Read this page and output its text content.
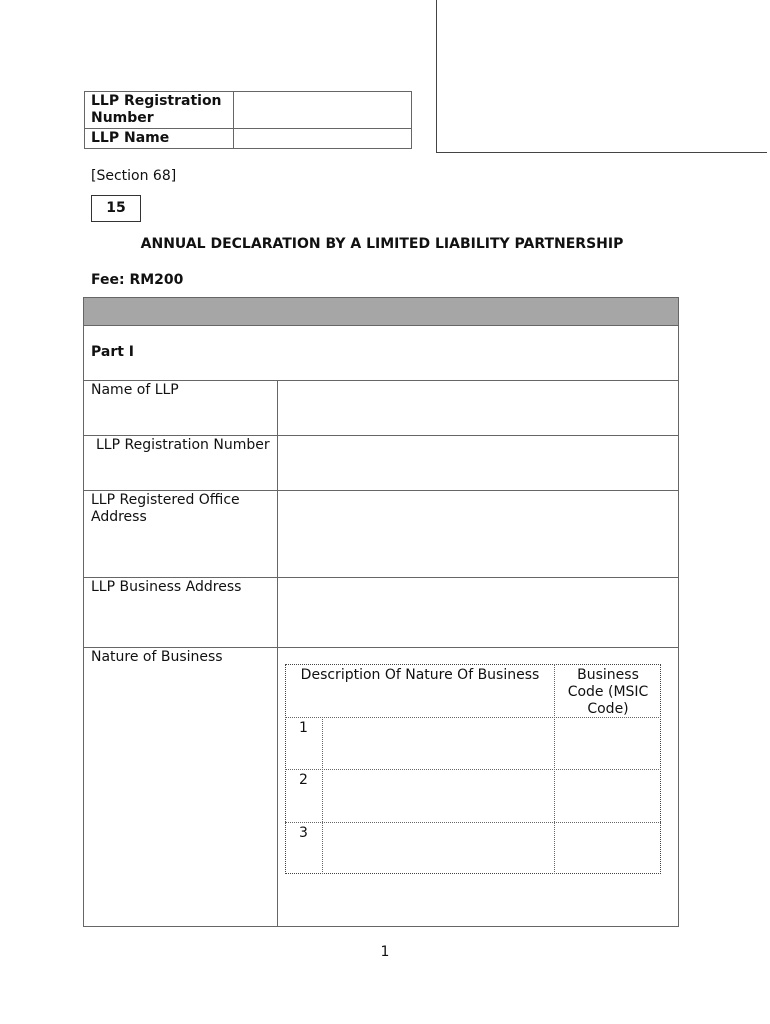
LLP Registration Number	
LLP Name	
[Section 68]
15
ANNUAL DECLARATION BY A LIMITED LIABILITY PARTNERSHIP
Fee: RM200
Part I
Name of LLP
LLP Registration Number
LLP Registered Office Address
LLP Business Address
Nature of Business
Description Of Nature Of Business	Business Code (MSIC Code)
1
2
3
1
